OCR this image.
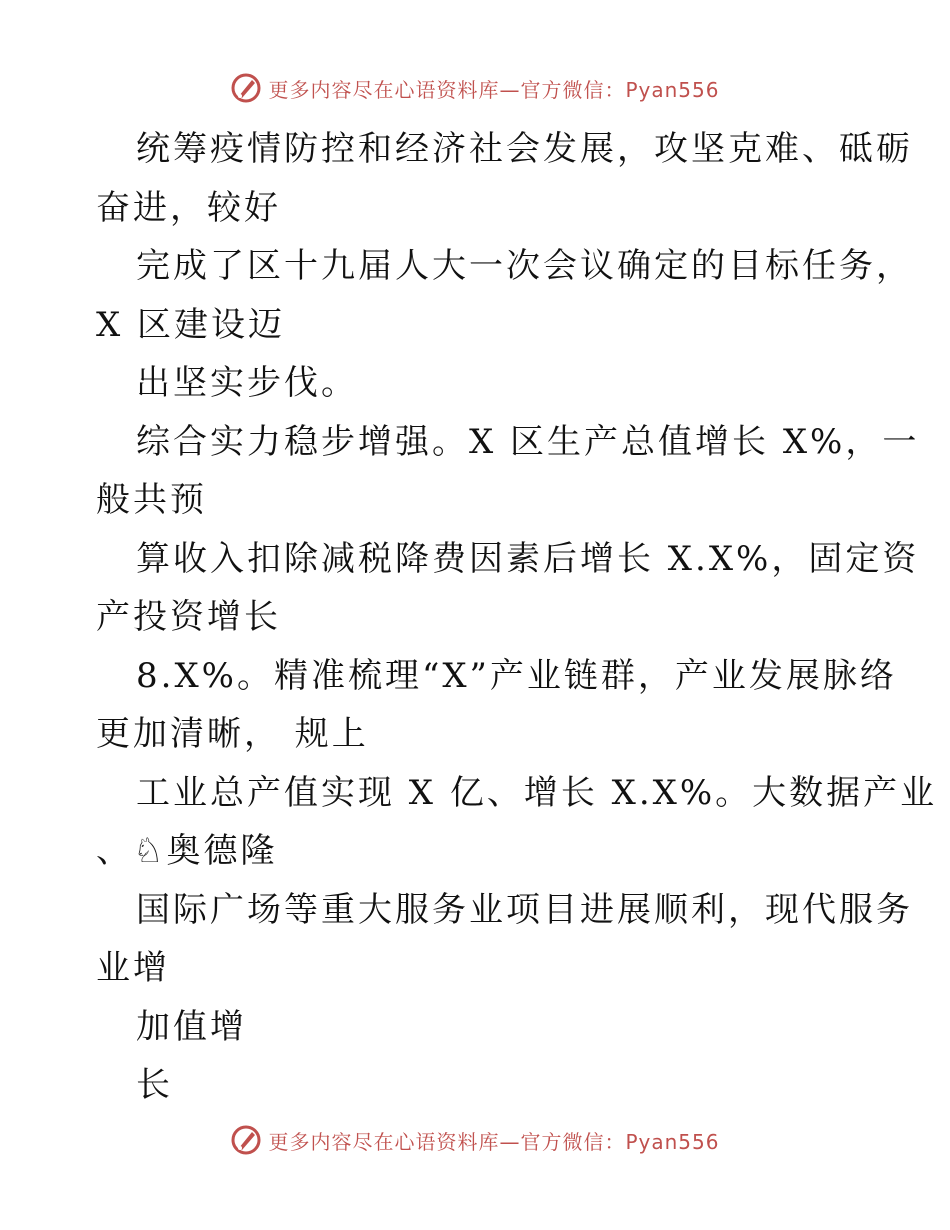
更多内容尽在心语资料库—官方微信：Pyan556
统筹疫情防控和经济社会发展，攻坚克难、砥砺
奋进，较好
完成了区十九届人大一次会议确定的目标任务，
X 区建设迈
出坚实步伐。
综合实力稳步增强。X 区生产总值增长 X%，一
般共预
算收入扣除减税降费因素后增长 X.X%，固定资
产投资增长
8.X%。精准梳理“X”产业链群，产业发展脉络
更加清晰， 规上
工业总产值实现 X 亿、增长 X.X%。大数据产业
、♘奥德隆
国际广场等重大服务业项目进展顺利，现代服务
业增
加值增
长
更多内容尽在心语资料库—官方微信：Pyan556
